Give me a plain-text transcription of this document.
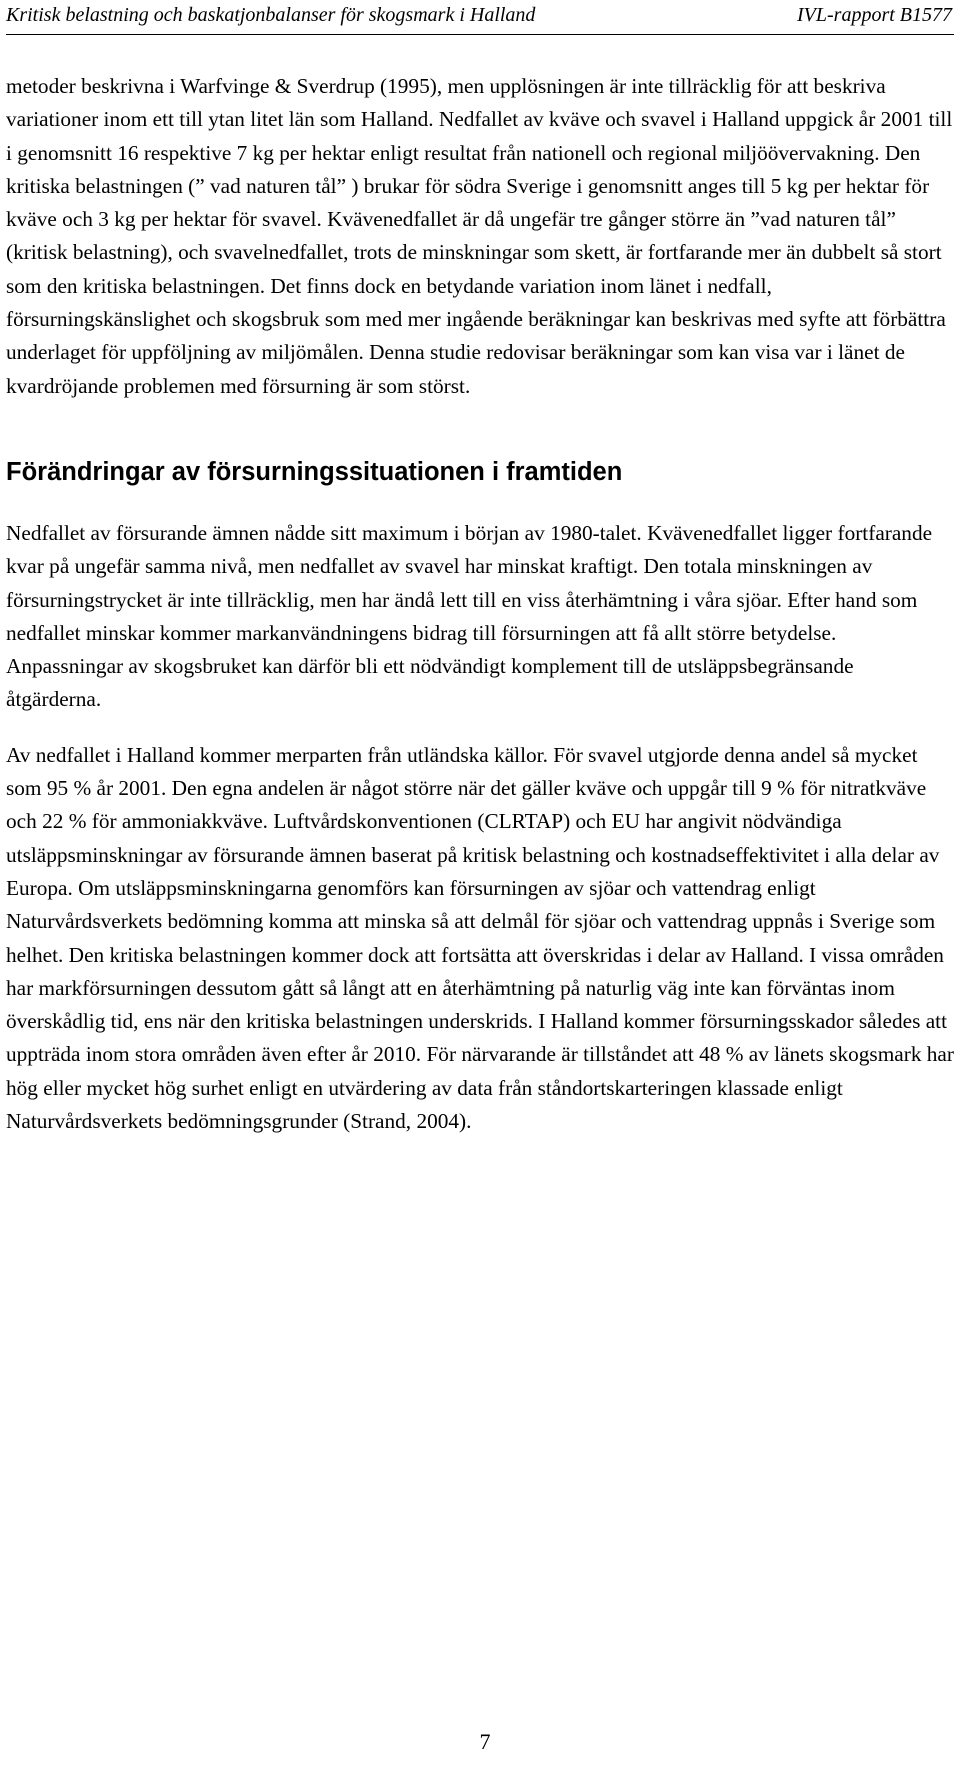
Kritisk belastning och baskatjonbalanser för skogsmark i Halland	IVL-rapport B1577

metoder beskrivna i Warfvinge & Sverdrup (1995), men upplösningen är inte tillräcklig för att beskriva variationer inom ett till ytan litet län som Halland. Nedfallet av kväve och svavel i Halland uppgick år 2001 till i genomsnitt 16 respektive 7 kg per hektar enligt resultat från nationell och regional miljöövervakning. Den kritiska belastningen (” vad naturen tål” ) brukar för södra Sverige i genomsnitt anges till 5 kg per hektar för kväve och 3 kg per hektar för svavel. Kvävenedfallet är då ungefär tre gånger större än ”vad naturen tål” (kritisk belastning), och svavelnedfallet, trots de minskningar som skett, är fortfarande mer än dubbelt så stort som den kritiska belastningen. Det finns dock en betydande variation inom länet i nedfall, försurningskänslighet och skogsbruk som med mer ingående beräkningar kan beskrivas med syfte att förbättra underlaget för uppföljning av miljömålen. Denna studie redovisar beräkningar som kan visa var i länet de kvardröjande problemen med försurning är som störst.

Förändringar av försurningssituationen i framtiden

Nedfallet av försurande ämnen nådde sitt maximum i början av 1980-talet. Kvävenedfallet ligger fortfarande kvar på ungefär samma nivå, men nedfallet av svavel har minskat kraftigt. Den totala minskningen av försurningstrycket är inte tillräcklig, men har ändå lett till en viss återhämtning i våra sjöar. Efter hand som nedfallet minskar kommer markanvändningens bidrag till försurningen att få allt större betydelse. Anpassningar av skogsbruket kan därför bli ett nödvändigt komplement till de utsläppsbegränsande åtgärderna.

Av nedfallet i Halland kommer merparten från utländska källor. För svavel utgjorde denna andel så mycket som 95 % år 2001. Den egna andelen är något större när det gäller kväve och uppgår till 9 % för nitratkväve och 22 % för ammoniakkväve. Luftvårdskonventionen (CLRTAP) och EU har angivit nödvändiga utsläppsminskningar av försurande ämnen baserat på kritisk belastning och kostnadseffektivitet i alla delar av Europa. Om utsläppsminskningarna genomförs kan försurningen av sjöar och vattendrag enligt Naturvårdsverkets bedömning komma att minska så att delmål för sjöar och vattendrag uppnås i Sverige som helhet. Den kritiska belastningen kommer dock att fortsätta att överskridas i delar av Halland. I vissa områden har markförsurningen dessutom gått så långt att en återhämtning på naturlig väg inte kan förväntas inom överskådlig tid, ens när den kritiska belastningen underskrids. I Halland kommer försurningsskador således att uppträda inom stora områden även efter år 2010. För närvarande är tillståndet att 48 % av länets skogsmark har hög eller mycket hög surhet enligt en utvärdering av data från ståndortskarteringen klassade enligt Naturvårdsverkets bedömningsgrunder (Strand, 2004).

7
